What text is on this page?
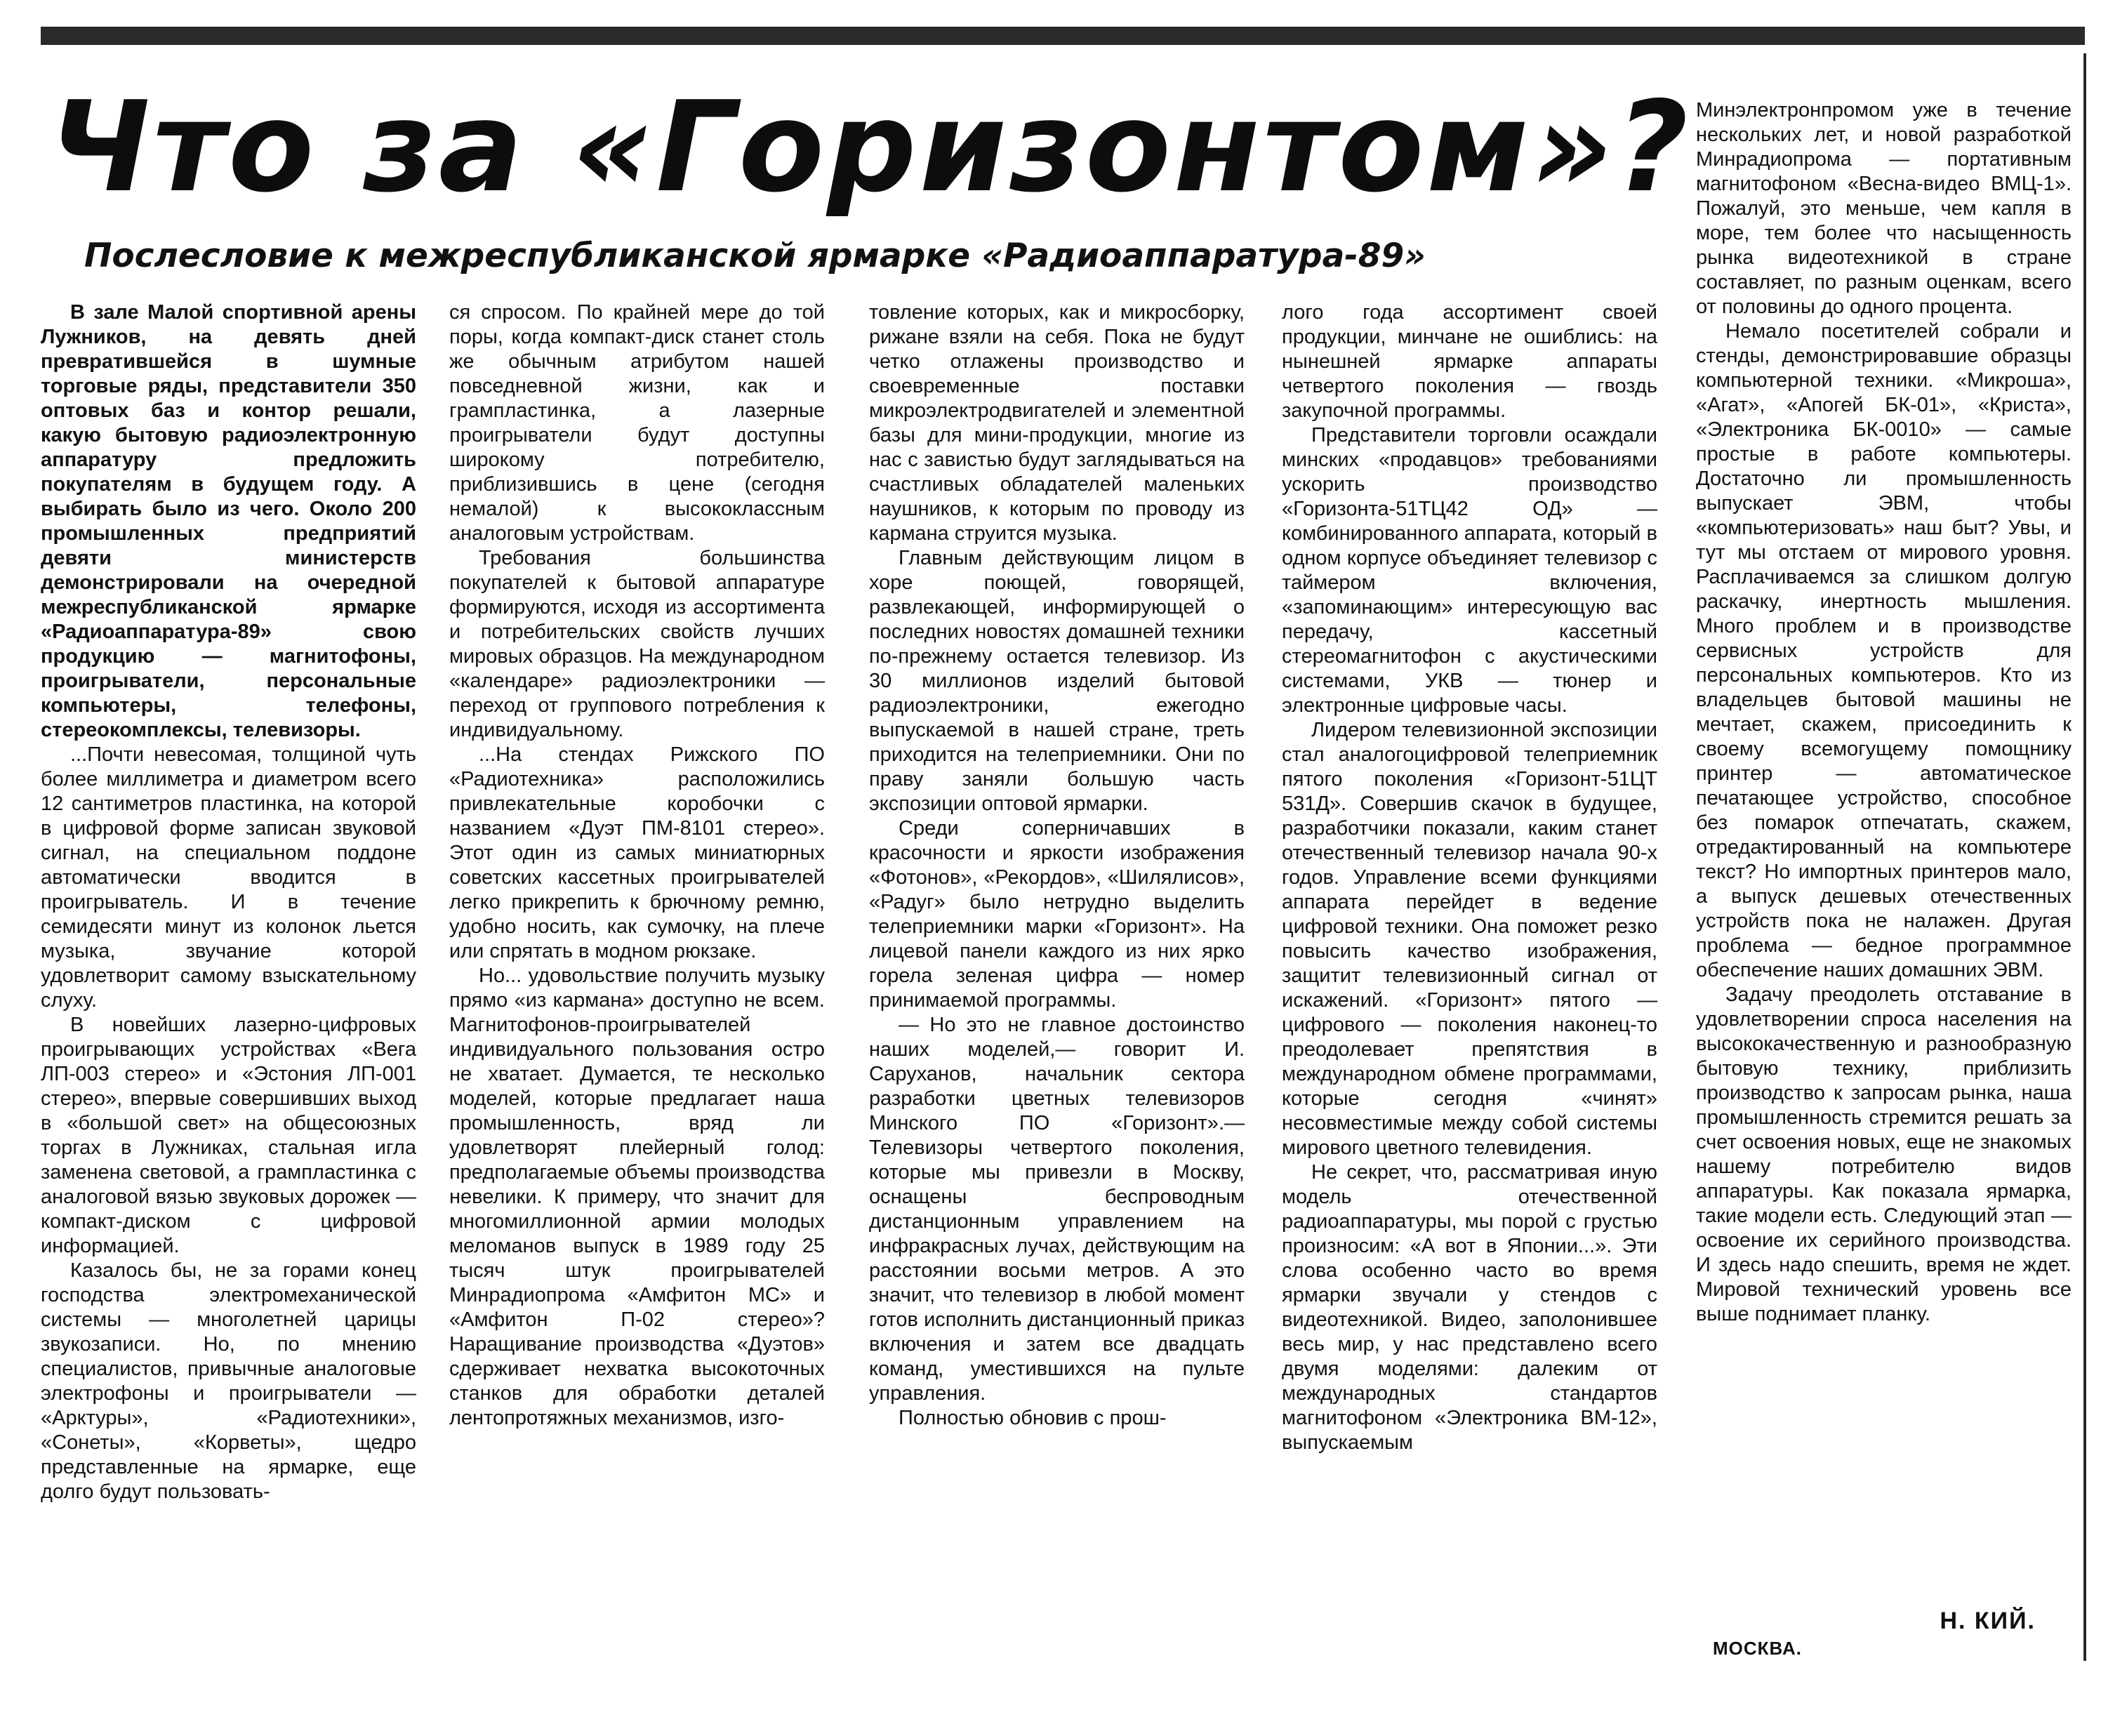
Что за «Горизонтом»?
Послесловие к межреспубликанской ярмарке «Радиоаппаратура-89»

В зале Малой спортивной арены Лужников, на девять дней превратившейся в шумные торговые ряды, представители 350 оптовых баз и контор решали, какую бытовую радиоэлектронную аппаратуру предложить покупателям в будущем году. А выбирать было из чего. Около 200 промышленных предприятий девяти министерств демонстрировали на очередной межреспубликанской ярмарке «Радиоаппаратура-89» свою продукцию — магнитофоны, проигрыватели, персональные компьютеры, телефоны, стереокомплексы, телевизоры.

...Почти невесомая, толщиной чуть более миллиметра и диаметром всего 12 сантиметров пластинка, на которой в цифровой форме записан звуковой сигнал, на специальном поддоне автоматически вводится в проигрыватель. И в течение семидесяти минут из колонок льется музыка, звучание которой удовлетворит самому взыскательному слуху.

В новейших лазерно-цифровых проигрывающих устройствах «Вега ЛП-003 стерео» и «Эстония ЛП-001 стерео», впервые совершивших выход в «большой свет» на общесоюзных торгах в Лужниках, стальная игла заменена световой, а грампластинка с аналоговой вязью звуковых дорожек — компакт-диском с цифровой информацией.

Казалось бы, не за горами конец господства электромеханической системы — многолетней царицы звукозаписи. Но, по мнению специалистов, привычные аналоговые электрофоны и проигрыватели — «Арктуры», «Радиотехники», «Сонеты», «Корветы», щедро представленные на ярмарке, еще долго будут пользовать-

ся спросом. По крайней мере до той поры, когда компакт-диск станет столь же обычным атрибутом нашей повседневной жизни, как и грампластинка, а лазерные проигрыватели будут доступны широкому потребителю, приблизившись в цене (сегодня немалой) к высококлассным аналоговым устройствам.

Требования большинства покупателей к бытовой аппаратуре формируются, исходя из ассортимента и потребительских свойств лучших мировых образцов. На международном «календаре» радиоэлектроники — переход от группового потребления к индивидуальному.

...На стендах Рижского ПО «Радиотехника» расположились привлекательные коробочки с названием «Дуэт ПМ-8101 стерео». Этот один из самых миниатюрных советских кассетных проигрывателей легко прикрепить к брючному ремню, удобно носить, как сумочку, на плече или спрятать в модном рюкзаке.

Но... удовольствие получить музыку прямо «из кармана» доступно не всем. Магнитофонов-проигрывателей индивидуального пользования остро не хватает. Думается, те несколько моделей, которые предлагает наша промышленность, вряд ли удовлетворят плейерный голод: предполагаемые объемы производства невелики. К примеру, что значит для многомиллионной армии молодых меломанов выпуск в 1989 году 25 тысяч штук проигрывателей Минрадиопрома «Амфитон МС» и «Амфитон П-02 стерео»? Наращивание производства «Дуэтов» сдерживает нехватка высокоточных станков для обработки деталей лентопротяжных механизмов, изго-

товление которых, как и микросборку, рижане взяли на себя. Пока не будут четко отлажены производство и своевременные поставки микроэлектродвигателей и элементной базы для мини-продукции, многие из нас с завистью будут заглядываться на счастливых обладателей маленьких наушников, к которым по проводу из кармана струится музыка.

Главным действующим лицом в хоре поющей, говорящей, развлекающей, информирующей о последних новостях домашней техники по-прежнему остается телевизор. Из 30 миллионов изделий бытовой радиоэлектроники, ежегодно выпускаемой в нашей стране, треть приходится на телеприемники. Они по праву заняли большую часть экспозиции оптовой ярмарки.

Среди соперничавших в красочности и яркости изображения «Фотонов», «Рекордов», «Шилялисов», «Радуг» было нетрудно выделить телеприемники марки «Горизонт». На лицевой панели каждого из них ярко горела зеленая цифра — номер принимаемой программы.

— Но это не главное достоинство наших моделей,— говорит И. Саруханов, начальник сектора разработки цветных телевизоров Минского ПО «Горизонт».— Телевизоры четвертого поколения, которые мы привезли в Москву, оснащены беспроводным дистанционным управлением на инфракрасных лучах, действующим на расстоянии восьми метров. А это значит, что телевизор в любой момент готов исполнить дистанционный приказ включения и затем все двадцать команд, уместившихся на пульте управления.

Полностью обновив с прош-

лого года ассортимент своей продукции, минчане не ошиблись: на нынешней ярмарке аппараты четвертого поколения — гвоздь закупочной программы.

Представители торговли осаждали минских «продавцов» требованиями ускорить производство «Горизонта-51ТЦ42 ОД» — комбинированного аппарата, который в одном корпусе объединяет телевизор с таймером включения, «запоминающим» интересующую вас передачу, кассетный стереомагнитофон с акустическими системами, УКВ — тюнер и электронные цифровые часы.

Лидером телевизионной экспозиции стал аналогоцифровой телеприемник пятого поколения «Горизонт-51ЦТ 531Д». Совершив скачок в будущее, разработчики показали, каким станет отечественный телевизор начала 90-х годов. Управление всеми функциями аппарата перейдет в ведение цифровой техники. Она поможет резко повысить качество изображения, защитит телевизионный сигнал от искажений. «Горизонт» пятого — цифрового — поколения наконец-то преодолевает препятствия в международном обмене программами, которые сегодня «чинят» несовместимые между собой системы мирового цветного телевидения.

Не секрет, что, рассматривая иную модель отечественной радиоаппаратуры, мы порой с грустью произносим: «А вот в Японии...». Эти слова особенно часто во время ярмарки звучали у стендов с видеотехникой. Видео, заполонившее весь мир, у нас представлено всего двумя моделями: далеким от международных стандартов магнитофоном «Электроника ВМ-12», выпускаемым

Минэлектронпромом уже в течение нескольких лет, и новой разработкой Минрадиопрома — портативным магнитофоном «Весна-видео ВМЦ-1». Пожалуй, это меньше, чем капля в море, тем более что насыщенность рынка видеотехникой в стране составляет, по разным оценкам, всего от половины до одного процента.

Немало посетителей собрали и стенды, демонстрировавшие образцы компьютерной техники. «Микроша», «Агат», «Апогей БК-01», «Криста», «Электроника БК-0010» — самые простые в работе компьютеры. Достаточно ли промышленность выпускает ЭВМ, чтобы «компьютеризовать» наш быт? Увы, и тут мы отстаем от мирового уровня. Расплачиваемся за слишком долгую раскачку, инертность мышления. Много проблем и в производстве сервисных устройств для персональных компьютеров. Кто из владельцев бытовой машины не мечтает, скажем, присоединить к своему всемогущему помощнику принтер — автоматическое печатающее устройство, способное без помарок отпечатать, скажем, отредактированный на компьютере текст? Но импортных принтеров мало, а выпуск дешевых отечественных устройств пока не налажен. Другая проблема — бедное программное обеспечение наших домашних ЭВМ.

Задачу преодолеть отставание в удовлетворении спроса населения на высококачественную и разнообразную бытовую технику, приблизить производство к запросам рынка, наша промышленность стремится решать за счет освоения новых, еще не знакомых нашему потребителю видов аппаратуры. Как показала ярмарка, такие модели есть. Следующий этап — освоение их серийного производства. И здесь надо спешить, время не ждет. Мировой технический уровень все выше поднимает планку.

Н. КИЙ.
МОСКВА.
